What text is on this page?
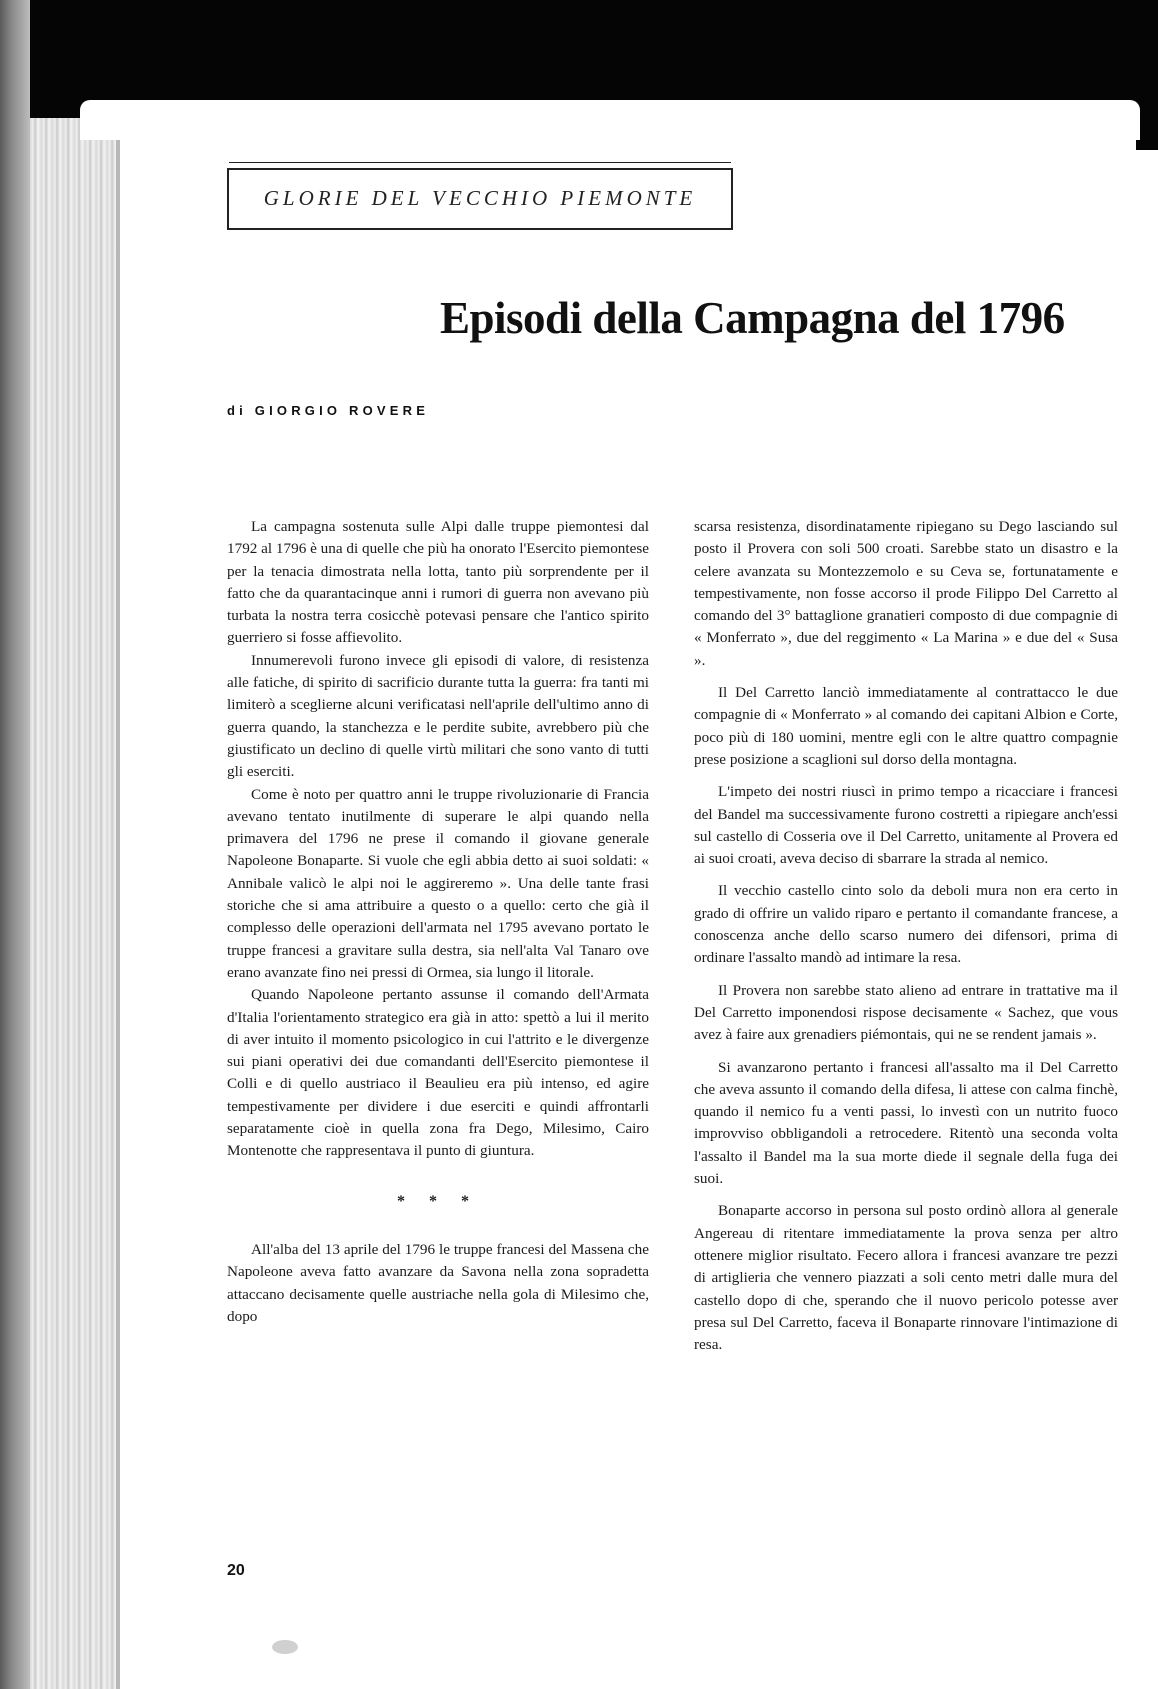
GLORIE DEL VECCHIO PIEMONTE
Episodi della Campagna del 1796
di GIORGIO ROVERE

La campagna sostenuta sulle Alpi dalle truppe piemontesi dal 1792 al 1796 è una di quelle che più ha onorato l'Esercito piemontese per la tenacia dimostrata nella lotta, tanto più sorprendente per il fatto che da quarantacinque anni i rumori di guerra non avevano più turbata la nostra terra cosicchè potevasi pensare che l'antico spirito guerriero si fosse affievolito.

Innumerevoli furono invece gli episodi di valore, di resistenza alle fatiche, di spirito di sacrificio durante tutta la guerra: fra tanti mi limiterò a sceglierne alcuni verificatasi nell'aprile dell'ultimo anno di guerra quando, la stanchezza e le perdite subite, avrebbero più che giustificato un declino di quelle virtù militari che sono vanto di tutti gli eserciti.

Come è noto per quattro anni le truppe rivoluzionarie di Francia avevano tentato inutilmente di superare le alpi quando nella primavera del 1796 ne prese il comando il giovane generale Napoleone Bonaparte. Si vuole che egli abbia detto ai suoi soldati: « Annibale valicò le alpi noi le aggireremo ». Una delle tante frasi storiche che si ama attribuire a questo o a quello: certo che già il complesso delle operazioni dell'armata nel 1795 avevano portato le truppe francesi a gravitare sulla destra, sia nell'alta Val Tanaro ove erano avanzate fino nei pressi di Ormea, sia lungo il litorale.

Quando Napoleone pertanto assunse il comando dell'Armata d'Italia l'orientamento strategico era già in atto: spettò a lui il merito di aver intuito il momento psicologico in cui l'attrito e le divergenze sui piani operativi dei due comandanti dell'Esercito piemontese il Colli e di quello austriaco il Beaulieu era più intenso, ed agire tempestivamente per dividere i due eserciti e quindi affrontarli separatamente cioè in quella zona fra Dego, Milesimo, Cairo Montenotte che rappresentava il punto di giuntura.

* * *

All'alba del 13 aprile del 1796 le truppe francesi del Massena che Napoleone aveva fatto avanzare da Savona nella zona sopradetta attaccano decisamente quelle austriache nella gola di Milesimo che, dopo

scarsa resistenza, disordinatamente ripiegano su Dego lasciando sul posto il Provera con soli 500 croati. Sarebbe stato un disastro e la celere avanzata su Montezzemolo e su Ceva se, fortunatamente e tempestivamente, non fosse accorso il prode Filippo Del Carretto al comando del 3° battaglione granatieri composto di due compagnie di « Monferrato », due del reggimento « La Marina » e due del « Susa ».

Il Del Carretto lanciò immediatamente al contrattacco le due compagnie di « Monferrato » al comando dei capitani Albion e Corte, poco più di 180 uomini, mentre egli con le altre quattro compagnie prese posizione a scaglioni sul dorso della montagna.

L'impeto dei nostri riuscì in primo tempo a ricacciare i francesi del Bandel ma successivamente furono costretti a ripiegare anch'essi sul castello di Cosseria ove il Del Carretto, unitamente al Provera ed ai suoi croati, aveva deciso di sbarrare la strada al nemico.

Il vecchio castello cinto solo da deboli mura non era certo in grado di offrire un valido riparo e pertanto il comandante francese, a conoscenza anche dello scarso numero dei difensori, prima di ordinare l'assalto mandò ad intimare la resa.

Il Provera non sarebbe stato alieno ad entrare in trattative ma il Del Carretto imponendosi rispose decisamente « Sachez, que vous avez à faire aux grenadiers piémontais, qui ne se rendent jamais ».

Si avanzarono pertanto i francesi all'assalto ma il Del Carretto che aveva assunto il comando della difesa, li attese con calma finchè, quando il nemico fu a venti passi, lo investì con un nutrito fuoco improvviso obbligandoli a retrocedere. Ritentò una seconda volta l'assalto il Bandel ma la sua morte diede il segnale della fuga dei suoi.

Bonaparte accorso in persona sul posto ordinò allora al generale Angereau di ritentare immediatamente la prova senza per altro ottenere miglior risultato. Fecero allora i francesi avanzare tre pezzi di artiglieria che vennero piazzati a soli cento metri dalle mura del castello dopo di che, sperando che il nuovo pericolo potesse aver presa sul Del Carretto, faceva il Bonaparte rinnovare l'intimazione di resa.

20
